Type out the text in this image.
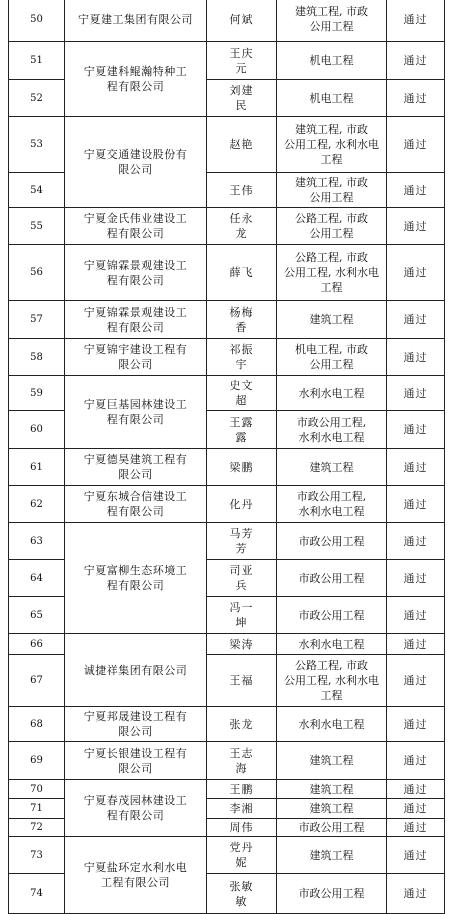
50	宁夏建工集团有限公司	何斌	建筑工程, 市政
公用工程	通过
51	宁夏建科鲲瀚特种工
程有限公司	王庆
元	机电工程	通过
52		刘建
民	机电工程	通过
53	宁夏交通建设股份有
限公司	赵艳	建筑工程, 市政
公用工程, 水利水电
工程	通过
54		王伟	建筑工程, 市政
公用工程	通过
55	宁夏金氏伟业建设工
程有限公司	任永
龙	公路工程, 市政
公用工程	通过
56	宁夏锦霖景观建设工
程有限公司	薛飞	公路工程, 市政
公用工程, 水利水电
工程	通过
57	宁夏锦霖景观建设工
程有限公司	杨梅
香	建筑工程	通过
58	宁夏锦宇建设工程有
限公司	祁振
宇	机电工程, 市政
公用工程	通过
59	宁夏巨基园林建设工
程有限公司	史文
超	水利水电工程	通过
60		王露
露	市政公用工程,
水利水电工程	通过
61	宁夏德昊建筑工程有
限公司	梁鹏	建筑工程	通过
62	宁夏东城合信建设工
程有限公司	化丹	市政公用工程,
水利水电工程	通过
63	宁夏富柳生态环境工
程有限公司	马芳
芳	市政公用工程	通过
64		司亚
兵	市政公用工程	通过
65		冯一
坤	市政公用工程	通过
66	诚捷祥集团有限公司	梁涛	水利水电工程	通过
67		王福	公路工程, 市政
公用工程, 水利水电
工程	通过
68	宁夏邦晟建设工程有
限公司	张龙	水利水电工程	通过
69	宁夏长银建设工程有
限公司	王志
海	建筑工程	通过
70	宁夏春茂园林建设工
程有限公司	王鹏	建筑工程	通过
71		李湘	建筑工程	通过
72		周伟	市政公用工程	通过
73	宁夏盐环定水利水电
工程有限公司	党丹
妮	建筑工程	通过
74		张敏
敏	市政公用工程	通过
